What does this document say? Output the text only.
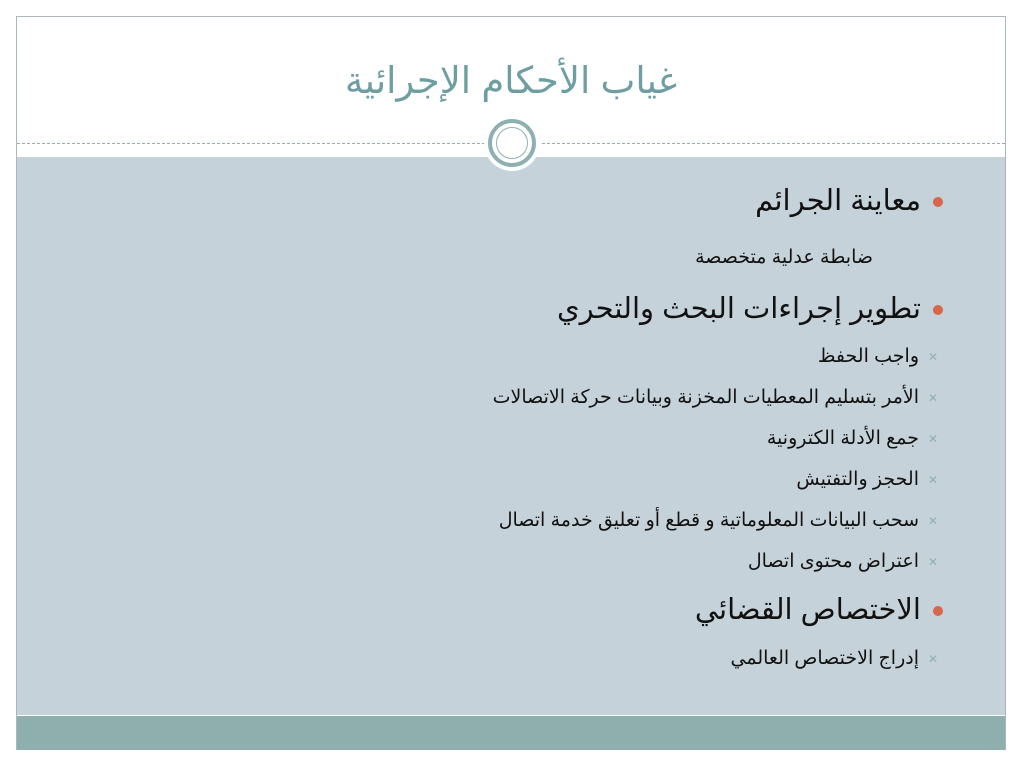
غياب الأحكام الإجرائية
معاينة الجرائم
ضابطة عدلية متخصصة
تطوير إجراءات البحث والتحري
✕واجب الحفظ
✕الأمر بتسليم المعطيات المخزنة وبيانات حركة الاتصالات
✕جمع الأدلة الكترونية
✕الحجز والتفتيش
✕سحب البيانات المعلوماتية و قطع أو تعليق خدمة اتصال
✕اعتراض محتوى اتصال
الاختصاص القضائي
✕إدراج الاختصاص العالمي
